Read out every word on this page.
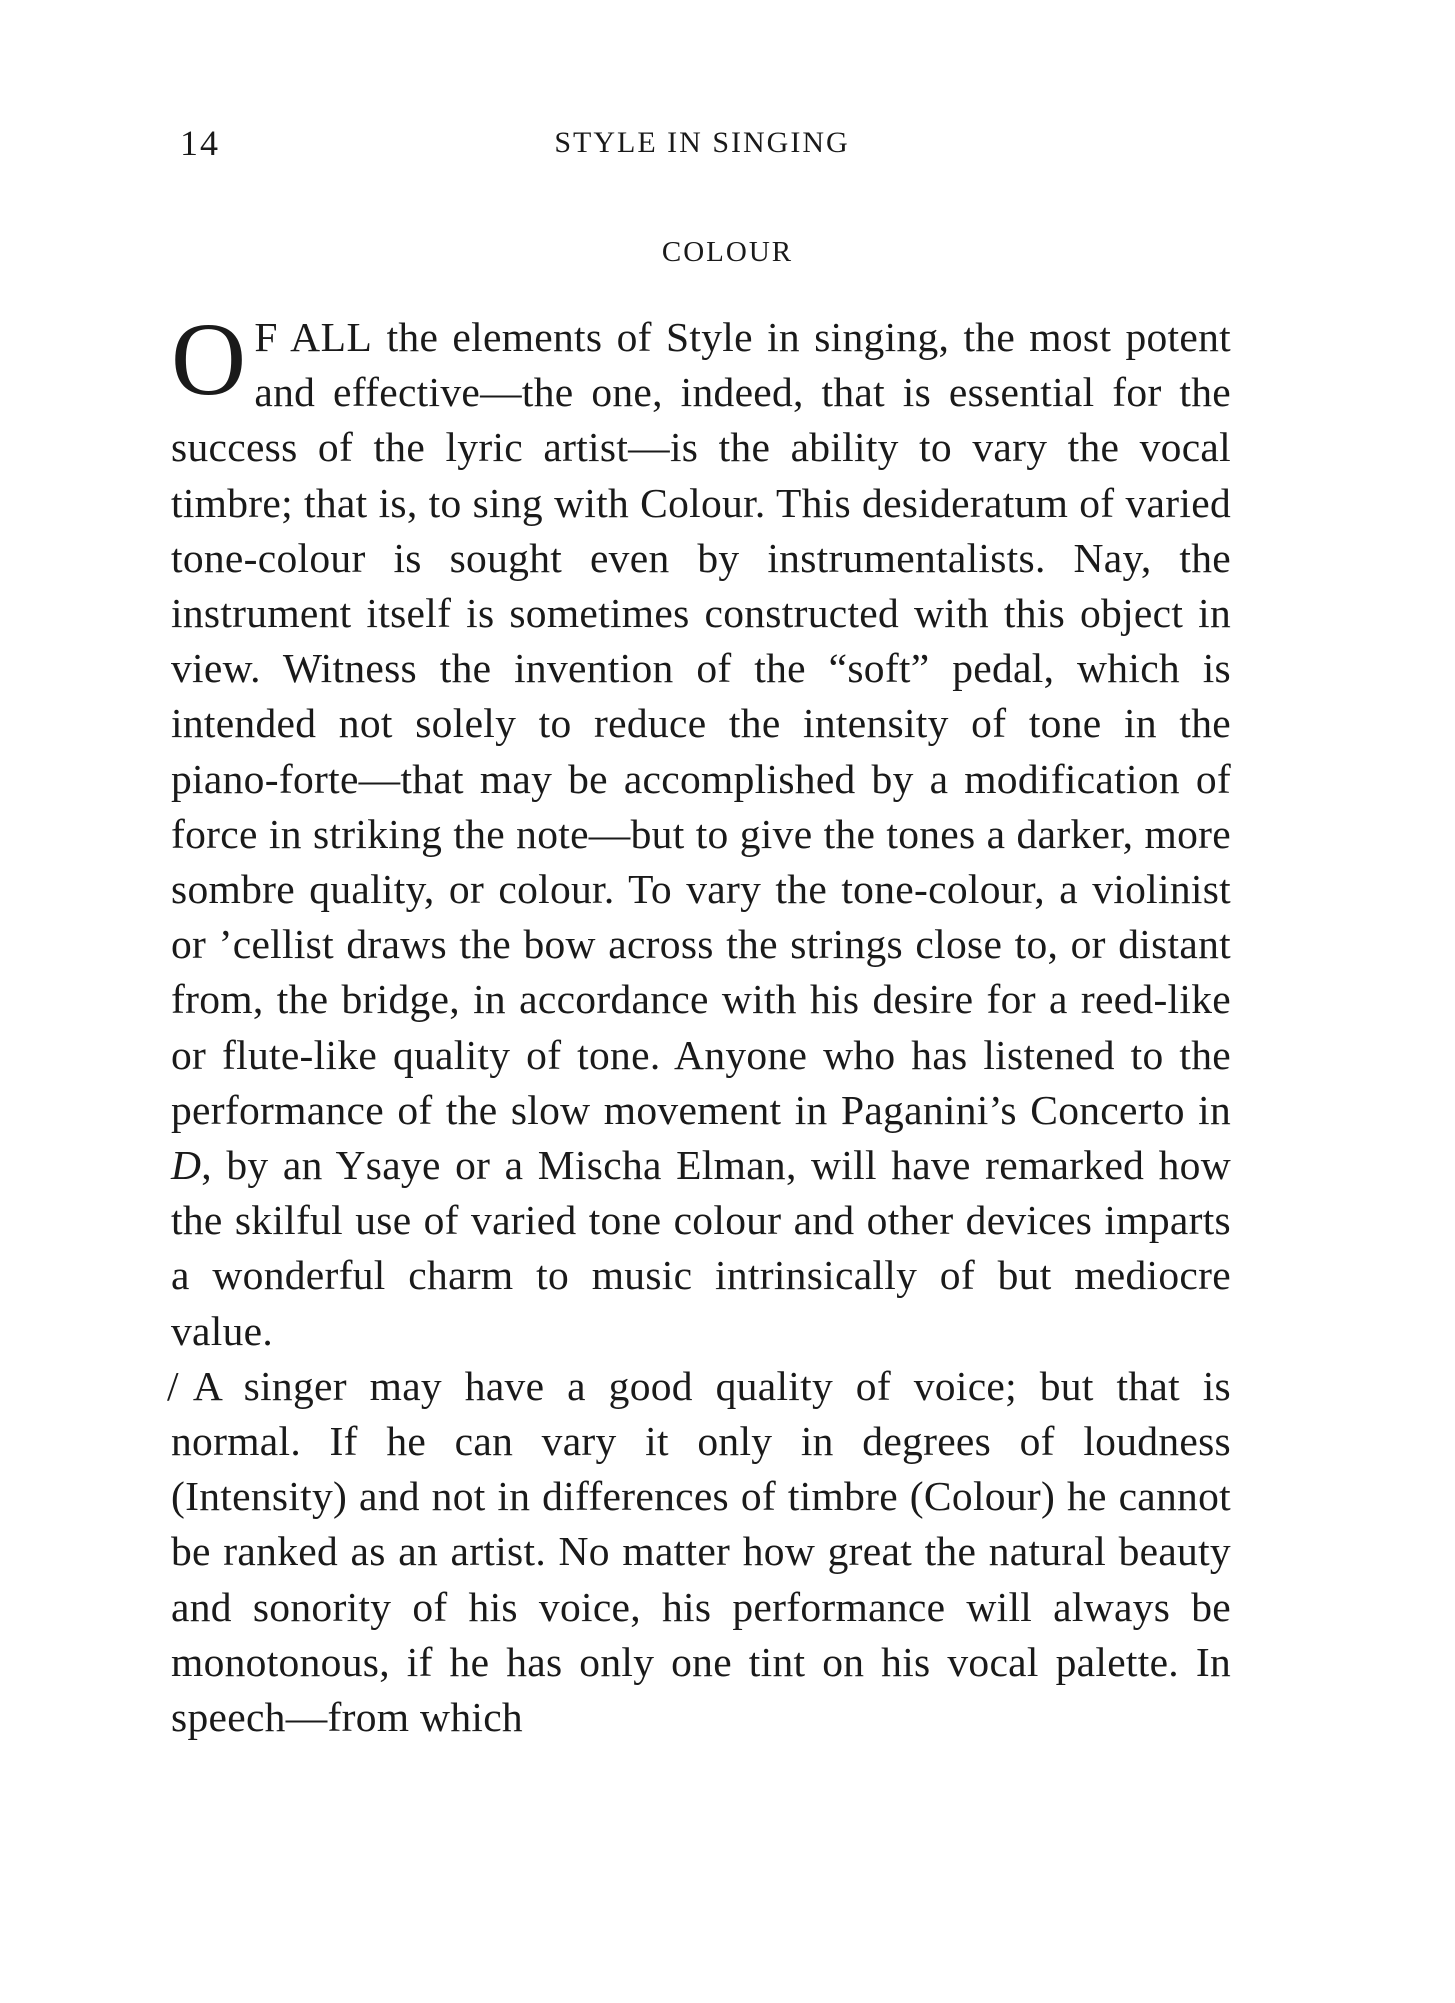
14	STYLE IN SINGING
COLOUR

O F ALL the elements of Style in singing, the most potent and effective—the one, indeed, that is essential for the success of the lyric artist—is the ability to vary the vocal timbre; that is, to sing with Colour. This desideratum of varied tone-colour is sought even by instrumentalists. Nay, the instrument itself is sometimes constructed with this object in view. Witness the invention of the “soft” pedal, which is intended not solely to reduce the intensity of tone in the piano-forte—that may be accomplished by a modification of force in striking the note—but to give the tones a darker, more sombre quality, or colour. To vary the tone-colour, a violinist or ’cellist draws the bow across the strings close to, or distant from, the bridge, in accordance with his desire for a reed-like or flute-like quality of tone. Anyone who has listened to the performance of the slow movement in Paganini’s Concerto in D, by an Ysaye or a Mischa Elman, will have remarked how the skilful use of varied tone colour and other devices imparts a wonderful charm to music intrinsically of but mediocre value.

/ A singer may have a good quality of voice; but that is normal. If he can vary it only in degrees of loudness (Intensity) and not in differences of timbre (Colour) he cannot be ranked as an artist. No matter how great the natural beauty and sonority of his voice, his performance will always be monotonous, if he has only one tint on his vocal palette. In speech—from which
